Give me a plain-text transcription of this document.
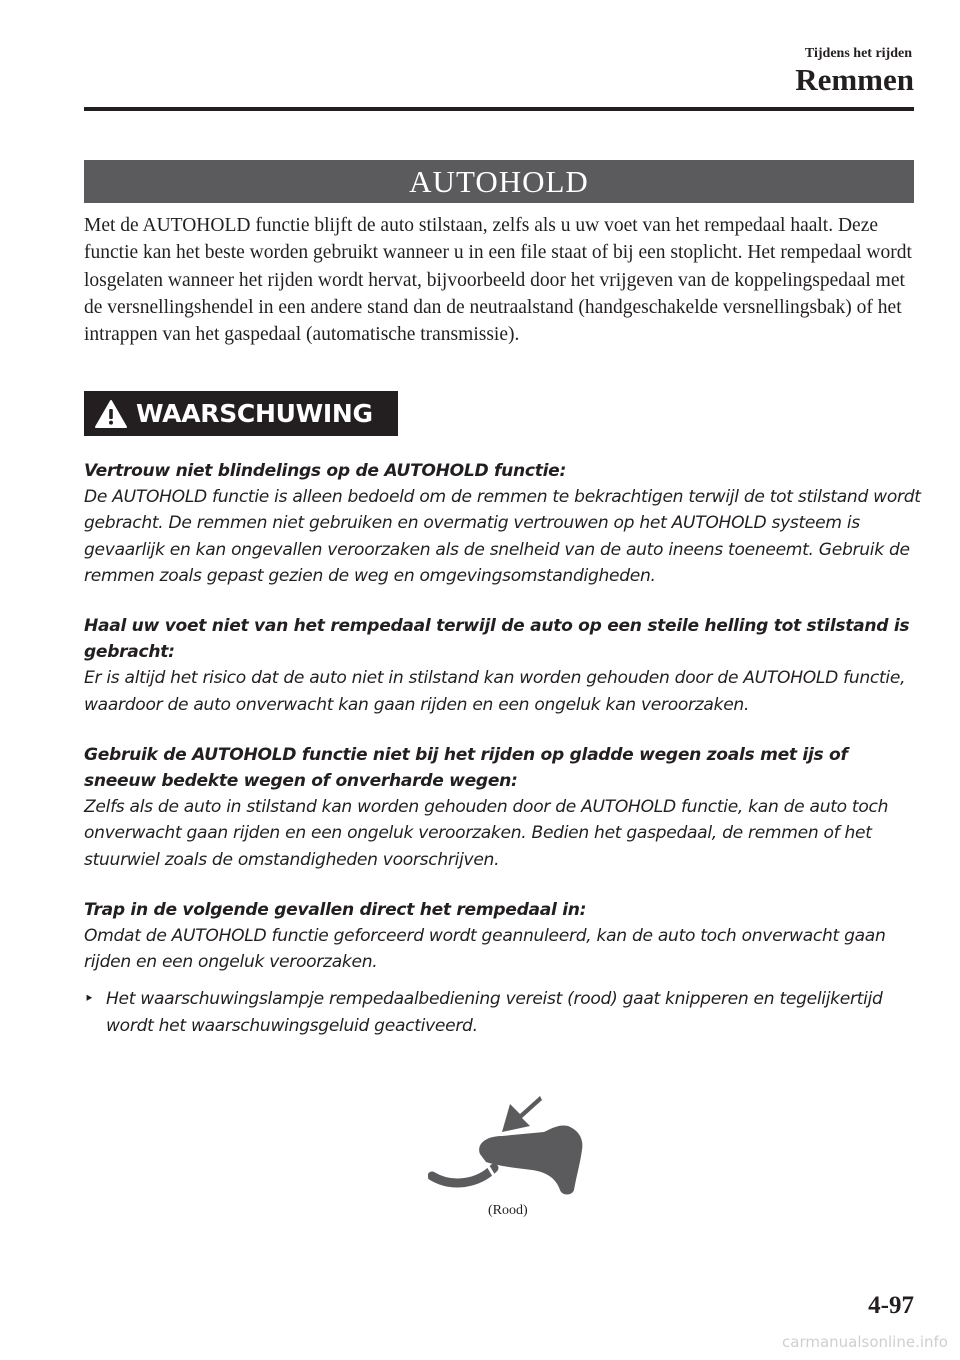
Tijdens het rijden
Remmen
AUTOHOLD

Met de AUTOHOLD functie blijft de auto stilstaan, zelfs als u uw voet van het rempedaal haalt. Deze functie kan het beste worden gebruikt wanneer u in een file staat of bij een stoplicht. Het rempedaal wordt losgelaten wanneer het rijden wordt hervat, bijvoorbeeld door het vrijgeven van de koppelingspedaal met de versnellingshendel in een andere stand dan de neutraalstand (handgeschakelde versnellingsbak) of het intrappen van het gaspedaal (automatische transmissie).

WAARSCHUWING

Vertrouw niet blindelings op de AUTOHOLD functie:

De AUTOHOLD functie is alleen bedoeld om de remmen te bekrachtigen terwijl de tot stilstand wordt gebracht. De remmen niet gebruiken en overmatig vertrouwen op het AUTOHOLD systeem is gevaarlijk en kan ongevallen veroorzaken als de snelheid van de auto ineens toeneemt. Gebruik de remmen zoals gepast gezien de weg en omgevingsomstandigheden.

Haal uw voet niet van het rempedaal terwijl de auto op een steile helling tot stilstand is gebracht:

Er is altijd het risico dat de auto niet in stilstand kan worden gehouden door de AUTOHOLD functie, waardoor de auto onverwacht kan gaan rijden en een ongeluk kan veroorzaken.

Gebruik de AUTOHOLD functie niet bij het rijden op gladde wegen zoals met ijs of sneeuw bedekte wegen of onverharde wegen:

Zelfs als de auto in stilstand kan worden gehouden door de AUTOHOLD functie, kan de auto toch onverwacht gaan rijden en een ongeluk veroorzaken. Bedien het gaspedaal, de remmen of het stuurwiel zoals de omstandigheden voorschrijven.

Trap in de volgende gevallen direct het rempedaal in:

Omdat de AUTOHOLD functie geforceerd wordt geannuleerd, kan de auto toch onverwacht gaan rijden en een ongeluk veroorzaken.

‣ Het waarschuwingslampje rempedaalbediening vereist (rood) gaat knipperen en tegelijkertijd wordt het waarschuwingsgeluid geactiveerd.

(Rood)
4-97
carmanualsonline.info
